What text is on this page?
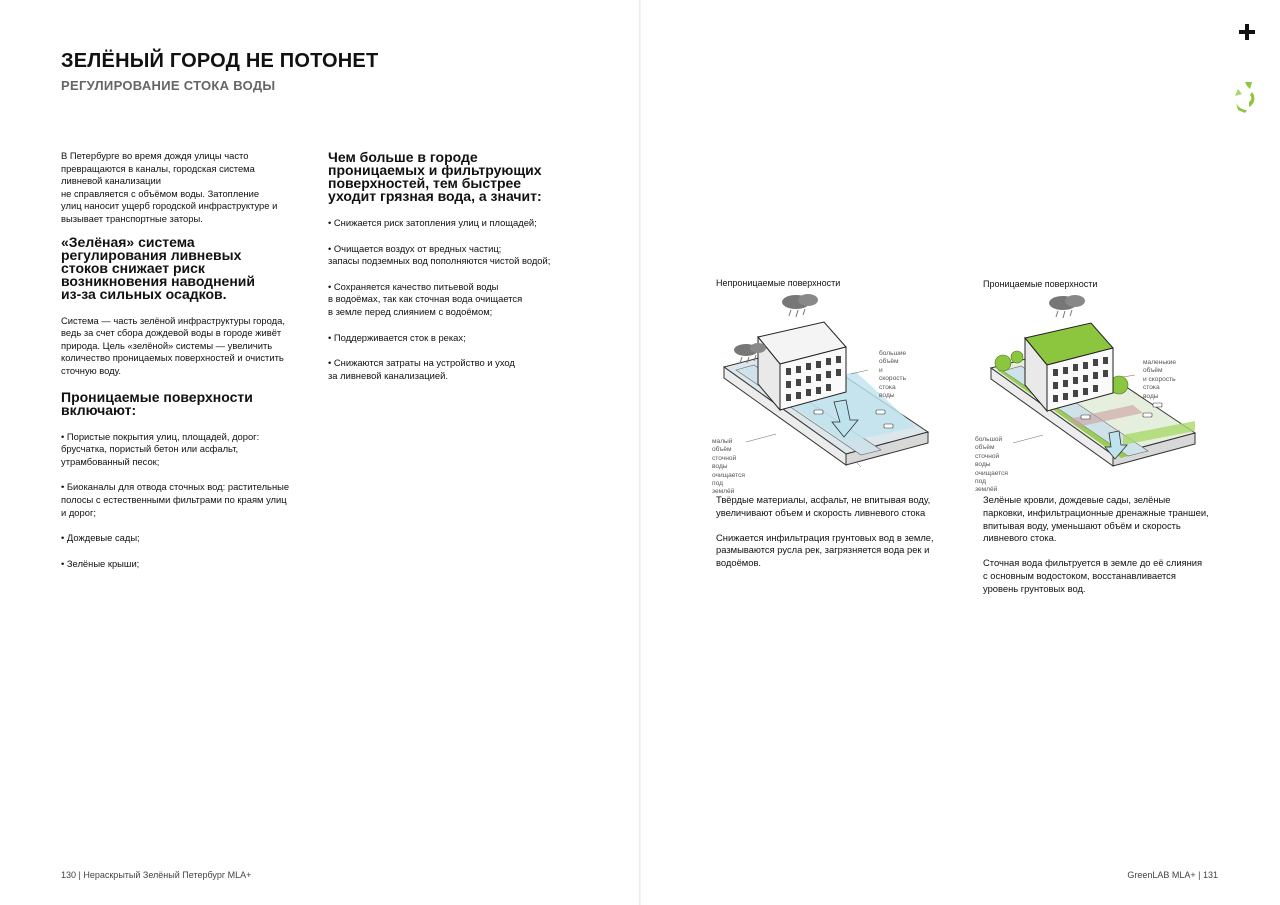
ЗЕЛЁНЫЙ ГОРОД НЕ ПОТОНЕТ
РЕГУЛИРОВАНИЕ СТОКА ВОДЫ

В Петербурге во время дождя улицы часто
превращаются в каналы, городская система
ливневой канализации
не справляется с объёмом воды. Затопление
улиц наносит ущерб городской инфраструктуре и
вызывает транспортные заторы.

«Зелёная» система
регулирования ливневых
стоков снижает риск
возникновения наводнений
из-за сильных осадков.

Система — часть зелёной инфраструктуры города,
ведь за счет сбора дождевой воды в городе живёт
природа. Цель «зелёной» системы — увеличить
количество проницаемых поверхностей и очистить
сточную воду.

Проницаемые поверхности
включают:

• Пористые покрытия улиц, площадей, дорог:
брусчатка, пористый бетон или асфальт,
утрамбованный песок;

• Биоканалы для отвода сточных вод: растительные
полосы с естественными фильтрами по краям улиц
и дорог;

• Дождевые сады;

• Зелёные крыши;

Чем больше в городе
проницаемых и фильтрующих
поверхностей, тем быстрее
уходит грязная вода, а значит:

• Снижается риск затопления улиц и площадей;

• Очищается воздух от вредных частиц;
запасы подземных вод пополняются чистой водой;

• Сохраняется качество питьевой воды
в водоёмах, так как сточная вода очищается
в земле перед слиянием с водоёмом;

• Поддерживается сток в реках;

• Снижаются затраты на устройство и уход
за ливневой канализацией.

130 | Нераскрытый Зелёный Петербург MLA+
Непроницаемые поверхности
большие объём
и скорость
стока воды
малый объём
сточной воды
очищается
под землёй
Проницаемые поверхности
маленькие объём
и скорость
стока воды
большой объём
сточной воды
очищается
под землёй

Твёрдые материалы, асфальт, не впитывая воду,
увеличивают объем и скорость ливневого стока

Снижается инфильтрация грунтовых вод в земле,
размываются русла рек, загрязняется вода рек и
водоёмов.

Зелёные кровли, дождевые сады, зелёные
парковки, инфильтрационные дренажные траншеи,
впитывая воду, уменьшают объём и скорость
ливневого стока.

Сточная вода фильтруется в земле до её слияния
с основным водостоком, восстанавливается
уровень грунтовых вод.

GreenLAB MLA+ | 131
